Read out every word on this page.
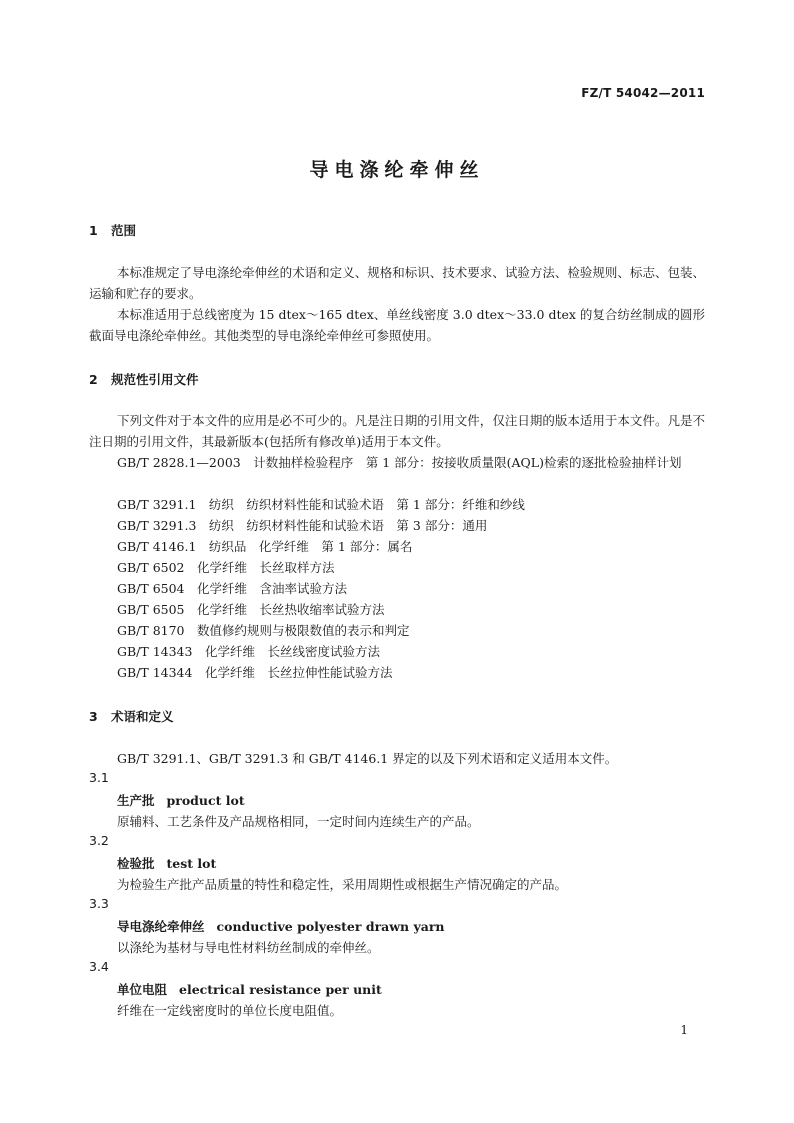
FZ/T 54042—2011
导电涤纶牵伸丝
1 范围
本标准规定了导电涤纶牵伸丝的术语和定义、规格和标识、技术要求、试验方法、检验规则、标志、包装、运输和贮存的要求。
本标准适用于总线密度为 15 dtex～165 dtex、单丝线密度 3.0 dtex～33.0 dtex 的复合纺丝制成的圆形截面导电涤纶牵伸丝。其他类型的导电涤纶牵伸丝可参照使用。
2 规范性引用文件
下列文件对于本文件的应用是必不可少的。凡是注日期的引用文件，仅注日期的版本适用于本文件。凡是不注日期的引用文件，其最新版本(包括所有修改单)适用于本文件。
GB/T 2828.1—2003　计数抽样检验程序　第 1 部分：按接收质量限(AQL)检索的逐批检验抽样计划
GB/T 3291.1　纺织　纺织材料性能和试验术语　第 1 部分：纤维和纱线
GB/T 3291.3　纺织　纺织材料性能和试验术语　第 3 部分：通用
GB/T 4146.1　纺织品　化学纤维　第 1 部分：属名
GB/T 6502　化学纤维　长丝取样方法
GB/T 6504　化学纤维　含油率试验方法
GB/T 6505　化学纤维　长丝热收缩率试验方法
GB/T 8170　数值修约规则与极限数值的表示和判定
GB/T 14343　化学纤维　长丝线密度试验方法
GB/T 14344　化学纤维　长丝拉伸性能试验方法
3 术语和定义
GB/T 3291.1、GB/T 3291.3 和 GB/T 4146.1 界定的以及下列术语和定义适用本文件。
3.1
生产批 product lot
原辅料、工艺条件及产品规格相同，一定时间内连续生产的产品。
3.2
检验批 test lot
为检验生产批产品质量的特性和稳定性，采用周期性或根据生产情况确定的产品。
3.3
导电涤纶牵伸丝 conductive polyester drawn yarn
以涤纶为基材与导电性材料纺丝制成的牵伸丝。
3.4
单位电阻 electrical resistance per unit
纤维在一定线密度时的单位长度电阻值。
1
